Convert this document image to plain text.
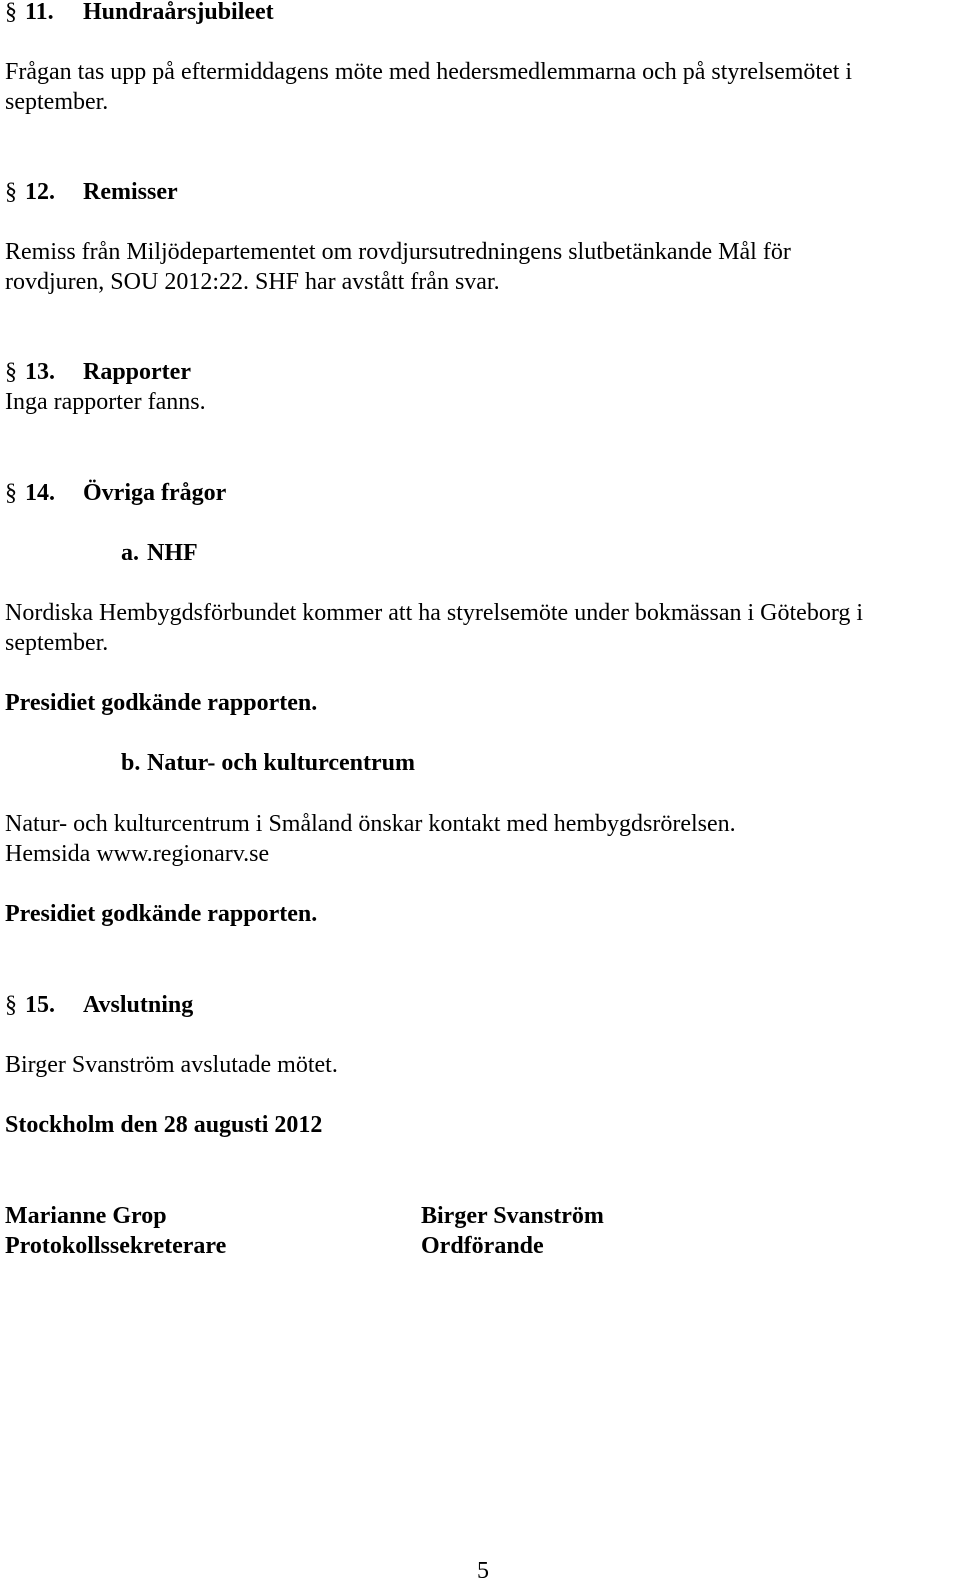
§ 11. Hundraårsjubileet
Frågan tas upp på eftermiddagens möte med hedersmedlemmarna och på styrelsemötet i
september.
§ 12. Remisser
Remiss från Miljödepartementet om rovdjursutredningens slutbetänkande Mål för
rovdjuren, SOU 2012:22. SHF har avstått från svar.
§ 13. Rapporter
Inga rapporter fanns.
§ 14. Övriga frågor
a. NHF
Nordiska Hembygdsförbundet kommer att ha styrelsemöte under bokmässan i Göteborg i
september.
Presidiet godkände rapporten.
b. Natur- och kulturcentrum
Natur- och kulturcentrum i Småland önskar kontakt med hembygdsrörelsen.
Hemsida www.regionarv.se
Presidiet godkände rapporten.
§ 15. Avslutning
Birger Svanström avslutade mötet.
Stockholm den 28 augusti 2012
Marianne Grop
Protokollssekreterare
Birger Svanström
Ordförande
5
